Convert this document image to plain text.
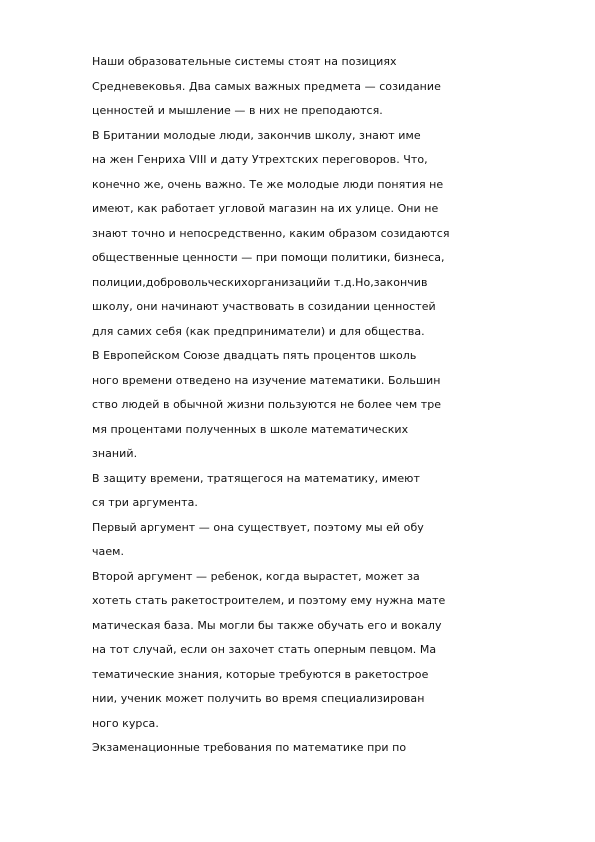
Наши образовательные системы стоят на позициях
Средневековья. Два самых важных предмета — созидание
ценностей и мышление — в них не преподаются.
В Британии молодые люди, закончив школу, знают име
на жен Генриха VIII и дату Утрехтских переговоров. Что,
конечно же, очень важно. Те же молодые люди понятия не
имеют, как работает угловой магазин на их улице. Они не
знают точно и непосредственно, каким образом созидаются
общественные ценности — при помощи политики, бизнеса,
полиции,добровольческихорганизацийи т.д.Но,закончив
школу, они начинают участвовать в созидании ценностей
для самих себя (как предприниматели) и для общества.
В Европейском Союзе двадцать пять процентов школь
ного времени отведено на изучение математики. Большин
ство людей в обычной жизни пользуются не более чем тре
мя процентами полученных в школе математических
знаний.
В защиту времени, тратящегося на математику, имеют
ся три аргумента.
Первый аргумент — она существует, поэтому мы ей обу
чаем.
Второй аргумент — ребенок, когда вырастет, может за
хотеть стать ракетостроителем, и поэтому ему нужна мате
матическая база. Мы могли бы также обучать его и вокалу
на тот случай, если он захочет стать оперным певцом. Ма
тематические знания, которые требуются в ракетострое
нии, ученик может получить во время специализирован
ного курса.
Экзаменационные требования по математике при по
